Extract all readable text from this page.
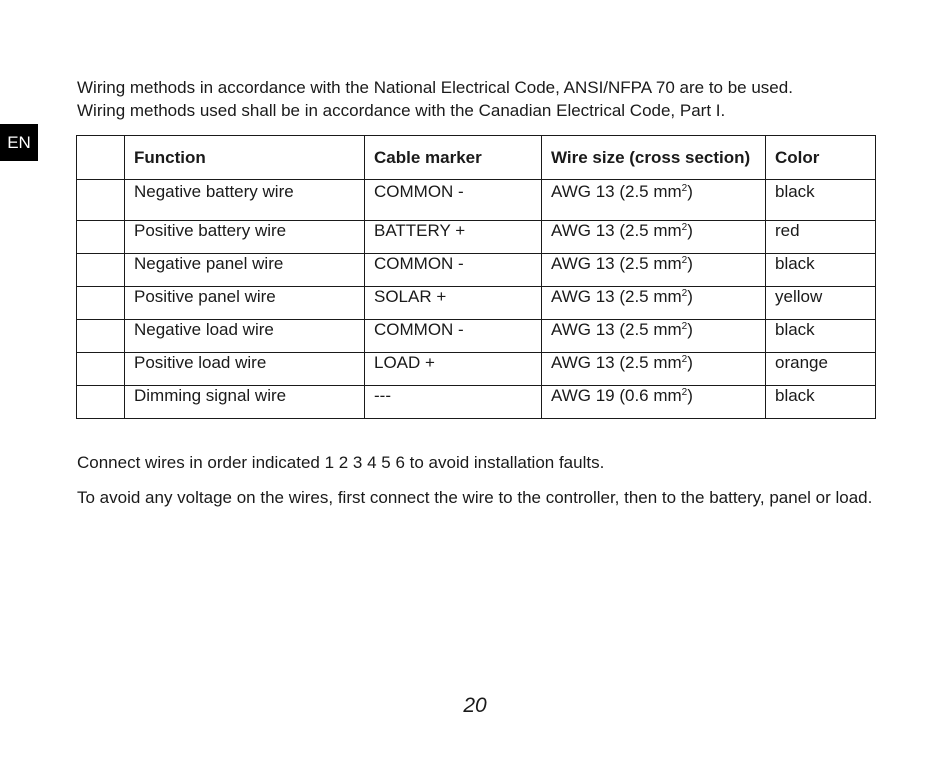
EN

Wiring methods in accordance with the National Electrical Code, ANSI/NFPA 70 are to be used.

Wiring methods used shall be in accordance with the Canadian Electrical Code, Part I.

	Function	Cable marker	Wire size (cross section)	Color
	Negative battery wire	COMMON -	AWG 13 (2.5 $mm^2$)	black
	Positive battery wire	BATTERY +	AWG 13 (2.5 $mm^2$)	red
	Negative panel wire	COMMON -	AWG 13 (2.5 $mm^2$)	black
	Positive panel wire	SOLAR +	AWG 13 (2.5 $mm^2$)	yellow
	Negative load wire	COMMON -	AWG 13 (2.5 $mm^2$)	black
	Positive load wire	LOAD +	AWG 13 (2.5 $mm^2$)	orange
	Dimming signal wire	---	AWG 19 (0.6 $mm^2$)	black

Connect wires in order indicated 1 2 3 4 5 6 to avoid installation faults.

To avoid any voltage on the wires, first connect the wire to the controller, then to the battery, panel or load.

20
